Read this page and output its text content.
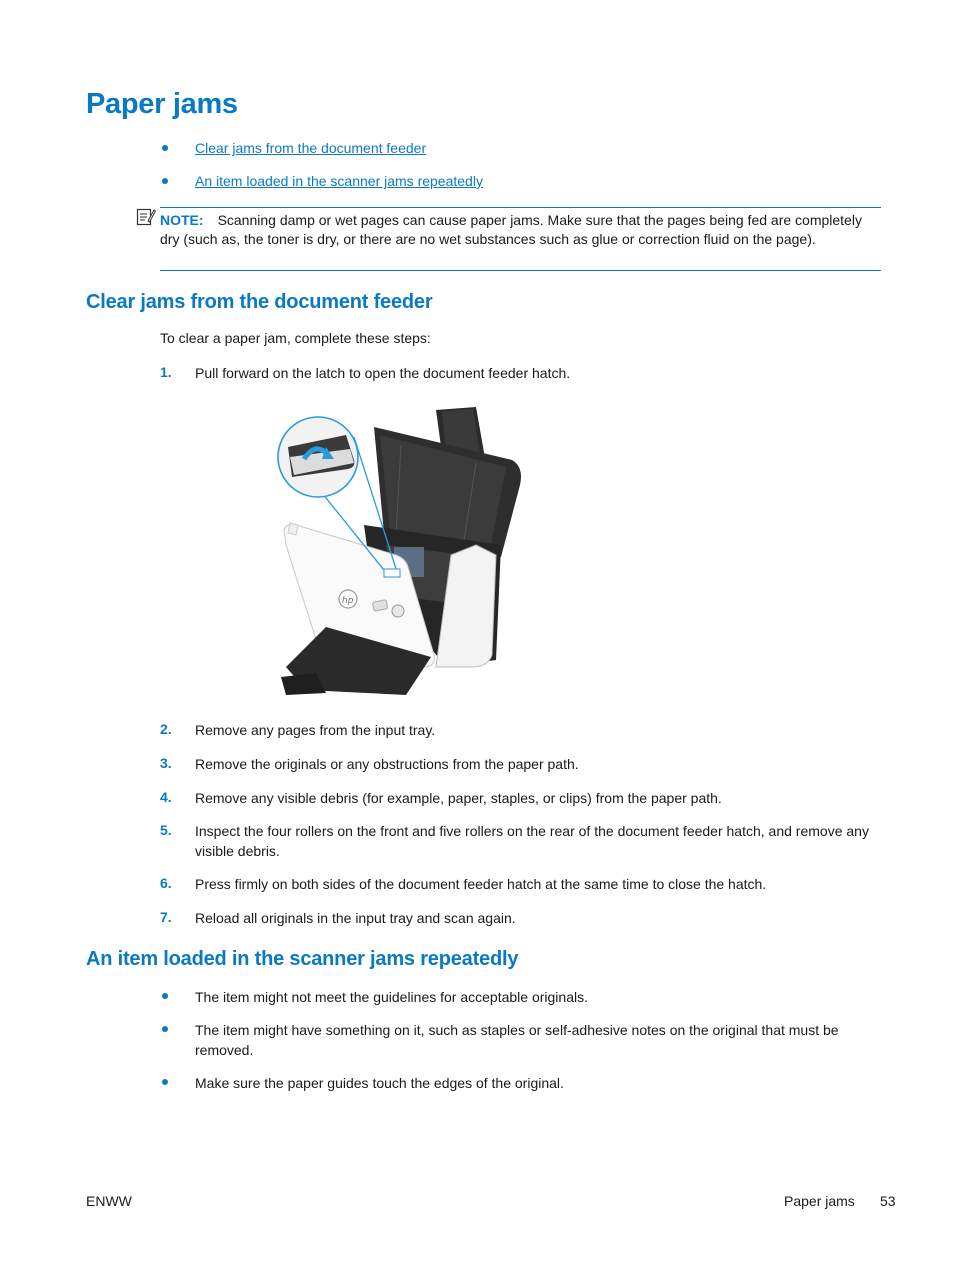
Paper jams
Clear jams from the document feeder
An item loaded in the scanner jams repeatedly
NOTE: Scanning damp or wet pages can cause paper jams. Make sure that the pages being fed are completely dry (such as, the toner is dry, or there are no wet substances such as glue or correction fluid on the page).
Clear jams from the document feeder
To clear a paper jam, complete these steps:
1. Pull forward on the latch to open the document feeder hatch.
hp
2. Remove any pages from the input tray.
3. Remove the originals or any obstructions from the paper path.
4. Remove any visible debris (for example, paper, staples, or clips) from the paper path.
5. Inspect the four rollers on the front and five rollers on the rear of the document feeder hatch, and remove any visible debris.
6. Press firmly on both sides of the document feeder hatch at the same time to close the hatch.
7. Reload all originals in the input tray and scan again.
An item loaded in the scanner jams repeatedly
The item might not meet the guidelines for acceptable originals.
The item might have something on it, such as staples or self-adhesive notes on the original that must be removed.
Make sure the paper guides touch the edges of the original.
ENWW	Paper jams 53
